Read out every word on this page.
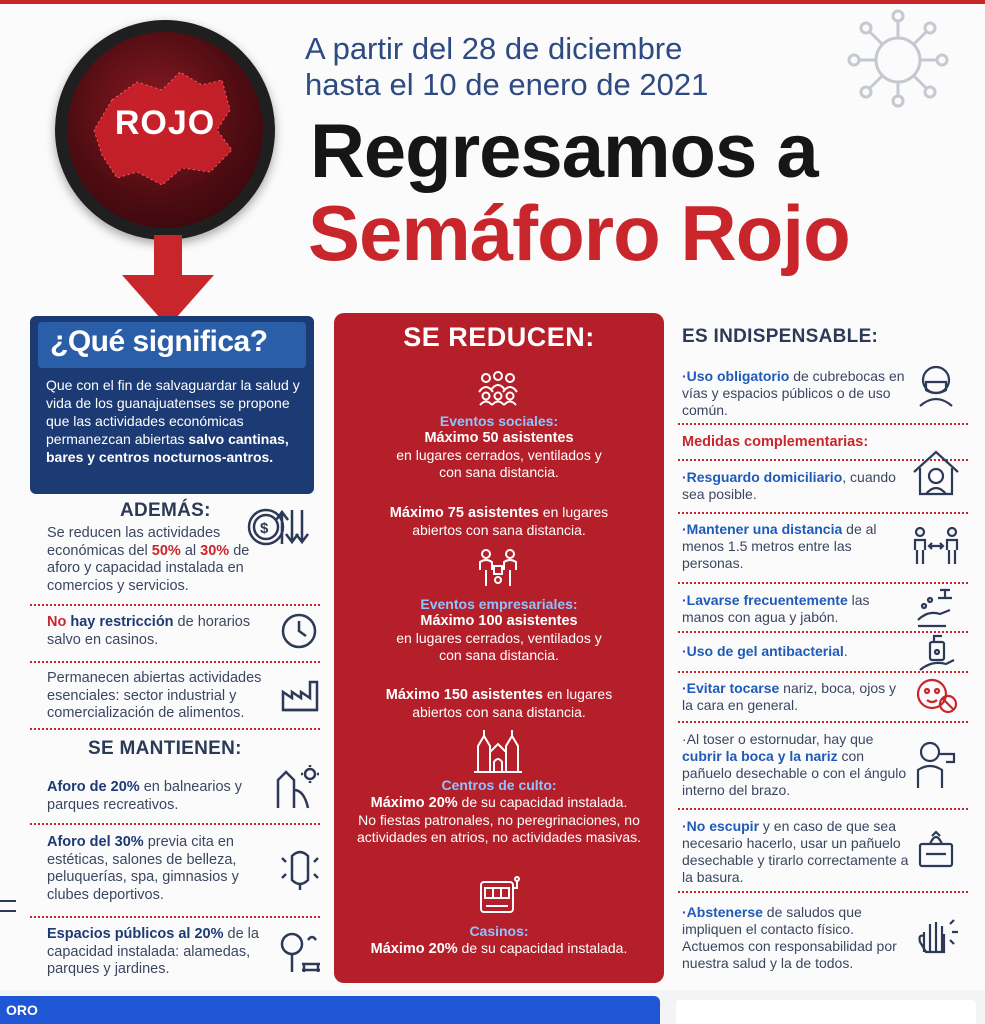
ROJO
A partir del 28 de diciembre
hasta el 10 de enero de 2021
Regresamos a
Semáforo Rojo
¿Qué significa?
Que con el fin de salvaguardar la salud y vida de los guanajuatenses se propone que las actividades económicas permanezcan abiertas salvo cantinas, bares y centros nocturnos-antros.
ADEMÁS:
Se reducen las actividades económicas del 50% al 30% de aforo y capacidad instalada en comercios y servicios.
$
No hay restricción de horarios salvo en casinos.
Permanecen abiertas actividades esenciales: sector industrial y comercialización de alimentos.
SE MANTIENEN:
Aforo de 20% en balnearios y parques recreativos.
Aforo del 30% previa cita en estéticas, salones de belleza, peluquerías, spa, gimnasios y clubes deportivos.
Espacios públicos al 20% de la capacidad instalada: alamedas, parques y jardines.
SE REDUCEN:
Eventos sociales:
Máximo 50 asistentes
en lugares cerrados, ventilados y con sana distancia.
Máximo 75 asistentes en lugares
abiertos con sana distancia.
Eventos empresariales:
Máximo 100 asistentes
en lugares cerrados, ventilados y con sana distancia.
Máximo 150 asistentes en lugares
abiertos con sana distancia.
Centros de culto:
Máximo 20% de su capacidad instalada.
No fiestas patronales, no peregrinaciones, no actividades en atrios, no actividades masivas.
Casinos:
Máximo 20% de su capacidad instalada.
ES INDISPENSABLE:
·Uso obligatorio de cubrebocas en vías y espacios públicos o de uso común.
Medidas complementarias:
·Resguardo domiciliario, cuando sea posible.
·Mantener una distancia de al menos 1.5 metros entre las personas.
·Lavarse frecuentemente las manos con agua y jabón.
·Uso de gel antibacterial.
·Evitar tocarse nariz, boca, ojos y la cara en general.
·Al toser o estornudar, hay que cubrir la boca y la nariz con pañuelo desechable o con el ángulo interno del brazo.
·No escupir y en caso de que sea necesario hacerlo, usar un pañuelo desechable y tirarlo correctamente a la basura.
·Abstenerse de saludos que impliquen el contacto físico. Actuemos con responsabilidad por nuestra salud y la de todos.
ORO
